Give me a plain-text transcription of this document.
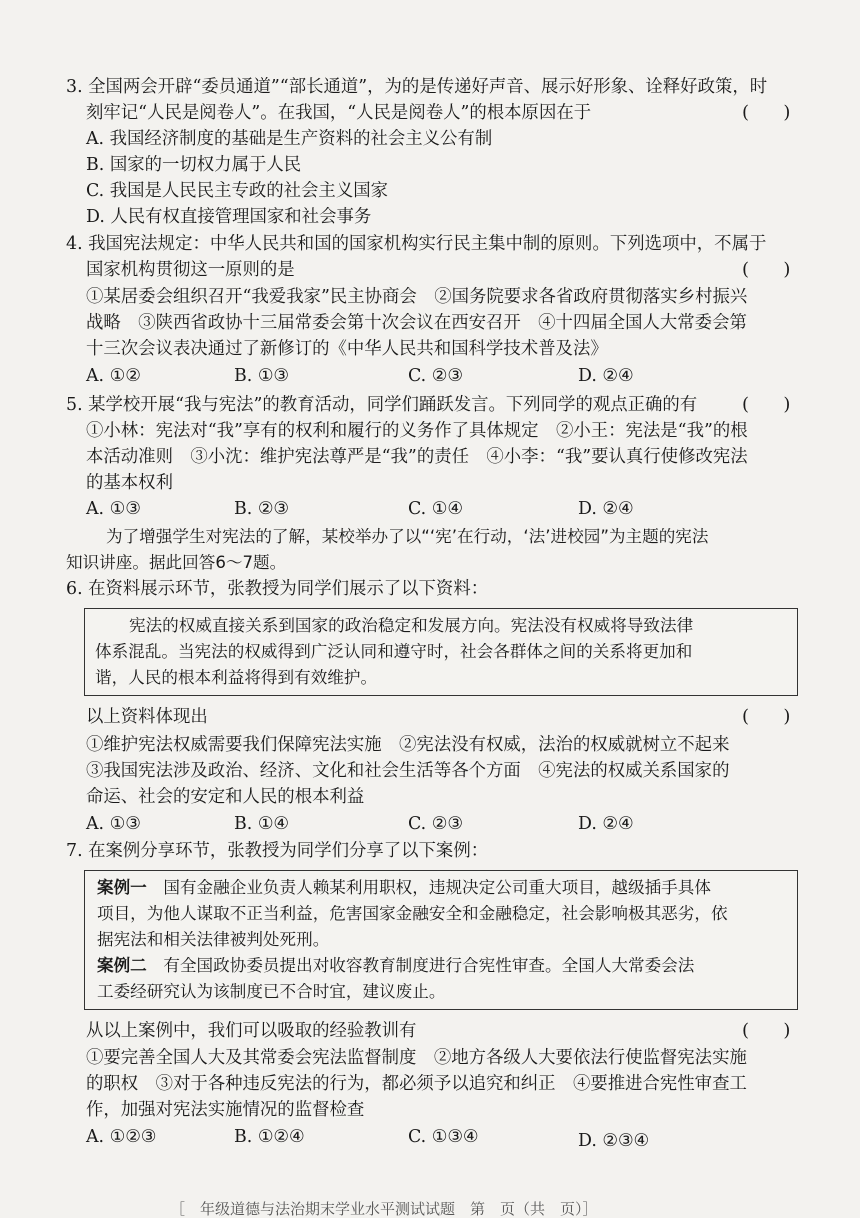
3. 全国两会开辟“委员通道”“部长通道”，为的是传递好声音、展示好形象、诠释好政策，时
刻牢记“人民是阅卷人”。在我国，“人民是阅卷人”的根本原因在于	(      )
A. 我国经济制度的基础是生产资料的社会主义公有制
B. 国家的一切权力属于人民
C. 我国是人民民主专政的社会主义国家
D. 人民有权直接管理国家和社会事务
4. 我国宪法规定：中华人民共和国的国家机构实行民主集中制的原则。下列选项中，不属于
国家机构贯彻这一原则的是	(      )
①某居委会组织召开“我爱我家”民主协商会　②国务院要求各省政府贯彻落实乡村振兴
战略　③陕西省政协十三届常委会第十次会议在西安召开　④十四届全国人大常委会第
十三次会议表决通过了新修订的《中华人民共和国科学技术普及法》
A. ①②	B. ①③	C. ②③	D. ②④
5. 某学校开展“我与宪法”的教育活动，同学们踊跃发言。下列同学的观点正确的有 (      )
①小林：宪法对“我”享有的权利和履行的义务作了具体规定　②小王：宪法是“我”的根
本活动准则　③小沈：维护宪法尊严是“我”的责任　④小李：“我”要认真行使修改宪法
的基本权利
A. ①③	B. ②③	C. ①④	D. ②④
为了增强学生对宪法的了解，某校举办了以“‘宪’在行动，‘法’进校园”为主题的宪法
知识讲座。据此回答6～7题。
6. 在资料展示环节，张教授为同学们展示了以下资料：
宪法的权威直接关系到国家的政治稳定和发展方向。宪法没有权威将导致法律
体系混乱。当宪法的权威得到广泛认同和遵守时，社会各群体之间的关系将更加和
谐，人民的根本利益将得到有效维护。
以上资料体现出	(      )
①维护宪法权威需要我们保障宪法实施　②宪法没有权威，法治的权威就树立不起来
③我国宪法涉及政治、经济、文化和社会生活等各个方面　④宪法的权威关系国家的
命运、社会的安定和人民的根本利益
A. ①③	B. ①④	C. ②③	D. ②④
7. 在案例分享环节，张教授为同学们分享了以下案例：
案例一　国有金融企业负责人赖某利用职权，违规决定公司重大项目，越级插手具体
项目，为他人谋取不正当利益，危害国家金融安全和金融稳定，社会影响极其恶劣，依
据宪法和相关法律被判处死刑。
案例二　有全国政协委员提出对收容教育制度进行合宪性审查。全国人大常委会法
工委经研究认为该制度已不合时宜，建议废止。
从以上案例中，我们可以吸取的经验教训有	(      )
①要完善全国人大及其常委会宪法监督制度　②地方各级人大要依法行使监督宪法实施
的职权　③对于各种违反宪法的行为，都必须予以追究和纠正　④要推进合宪性审查工
作，加强对宪法实施情况的监督检查
A. ①②③	B. ①②④	C. ①③④	D. ②③④
［　年级道德与法治期末学业水平测试试题　第　页（共　页）］
